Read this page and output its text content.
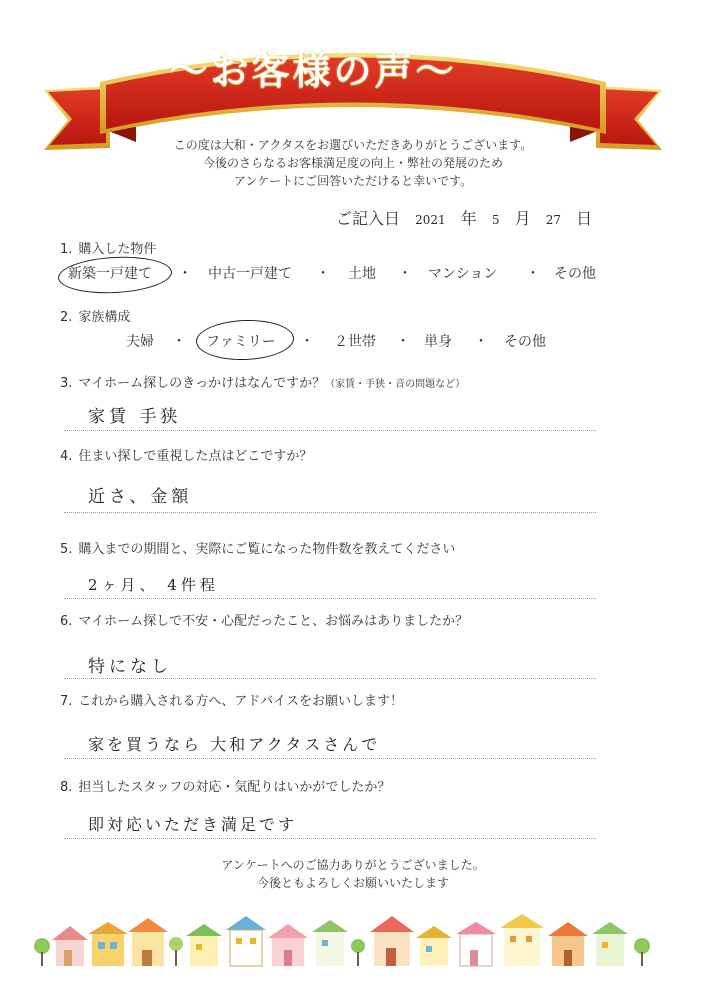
〜お客様の声〜
この度は大和・アクタスをお選びいただきありがとうございます。
今後のさらなるお客様満足度の向上・弊社の発展のため
アンケートにご回答いただけると幸いです。
ご記入日 2021 年 5 月 27 日
1. 購入した物件
新築一戸建て ・ 中古一戸建て ・ 土地 ・ マンション ・ その他
2. 家族構成
夫婦 ・ ファミリー ・ ２世帯 ・ 単身 ・ その他
3. マイホーム探しのきっかけはなんですか？（家賃・手狭・音の問題など）
家賃 手狭
4. 住まい探しで重視した点はどこですか？
近さ、金額
5. 購入までの期間と、実際にご覧になった物件数を教えてください
2ヶ月、 4件程
6. マイホーム探しで不安・心配だったこと、お悩みはありましたか？
特になし
7. これから購入される方へ、アドバイスをお願いします！
家を買うなら 大和アクタスさんで
8. 担当したスタッフの対応・気配りはいかがでしたか？
即対応いただき満足です
アンケートへのご協力ありがとうございました。
今後ともよろしくお願いいたします
